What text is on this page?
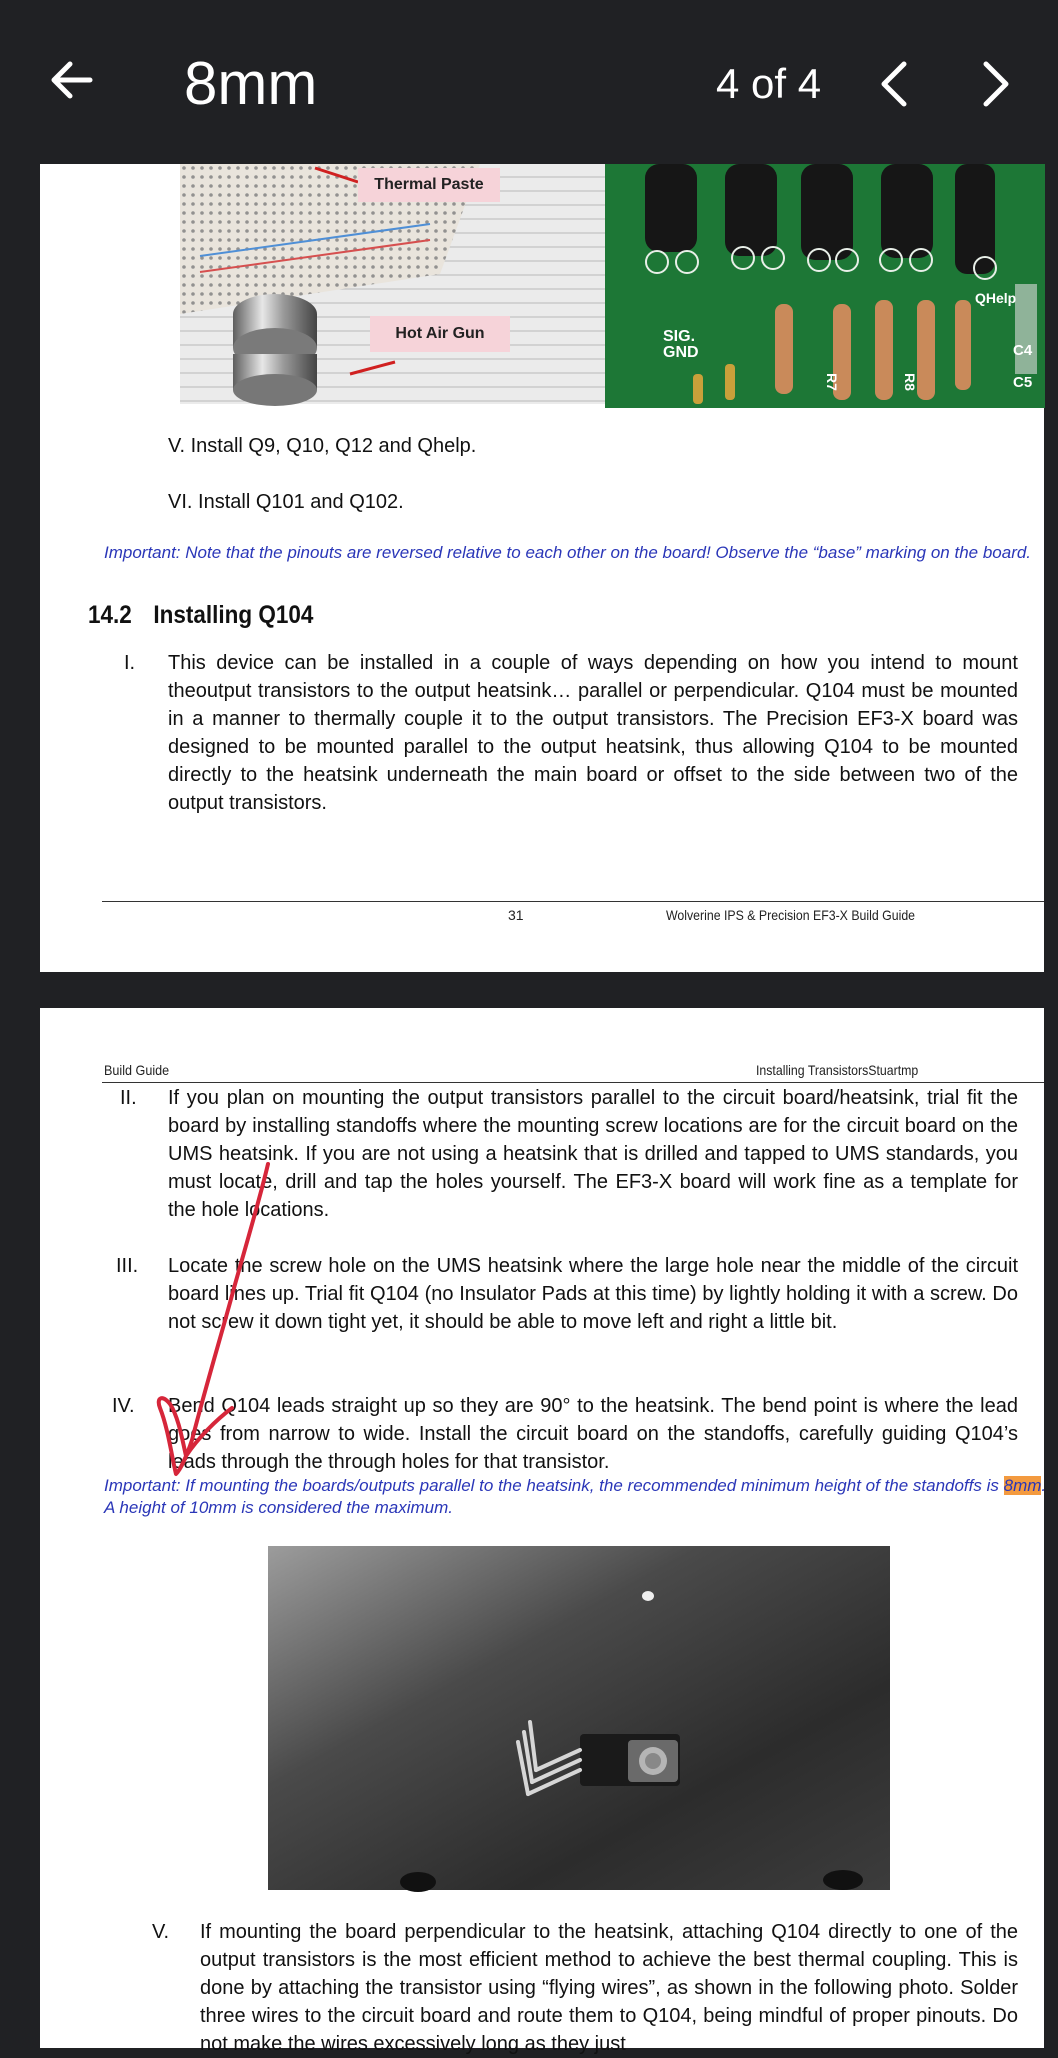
8mm	4 of 4
Thermal Paste
Hot Air Gun
QHelp
SIG.
GND	C4
C5
R7	R8
V. Install Q9, Q10, Q12 and Qhelp.
VI. Install Q101 and Q102.
Important: Note that the pinouts are reversed relative to each other on the board! Observe the “base” marking on the board.
14.2 Installing Q104
I. This device can be installed in a couple of ways depending on how you intend to mount theoutput transistors to the output heatsink… parallel or perpendicular. Q104 must be mounted in a manner to thermally couple it to the output transistors. The Precision EF3-X board was designed to be mounted parallel to the output heatsink, thus allowing Q104 to be mounted directly to the heatsink underneath the main board or offset to the side between two of the output transistors.
31	Wolverine IPS & Precision EF3-X Build Guide
Build Guide	Installing TransistorsStuartmp
II. If you plan on mounting the output transistors parallel to the circuit board/heatsink, trial fit the board by installing standoffs where the mounting screw locations are for the circuit board on the UMS heatsink. If you are not using a heatsink that is drilled and tapped to UMS standards, you must locate, drill and tap the holes yourself. The EF3-X board will work fine as a template for the hole locations.
III. Locate the screw hole on the UMS heatsink where the large hole near the middle of the circuit board lines up. Trial fit Q104 (no Insulator Pads at this time) by lightly holding it with a screw. Do not screw it down tight yet, it should be able to move left and right a little bit.
IV. Bend Q104 leads straight up so they are 90° to the heatsink. The bend point is where the lead goes from narrow to wide. Install the circuit board on the standoffs, carefully guiding Q104’s leads through the through holes for that transistor.
Important: If mounting the boards/outputs parallel to the heatsink, the recommended minimum height of the standoffs is 8mm. A height of 10mm is considered the maximum.
V. If mounting the board perpendicular to the heatsink, attaching Q104 directly to one of the output transistors is the most efficient method to achieve the best thermal coupling. This is done by attaching the transistor using “flying wires”, as shown in the following photo. Solder three wires to the circuit board and route them to Q104, being mindful of proper pinouts. Do not make the wires excessively long as they just
